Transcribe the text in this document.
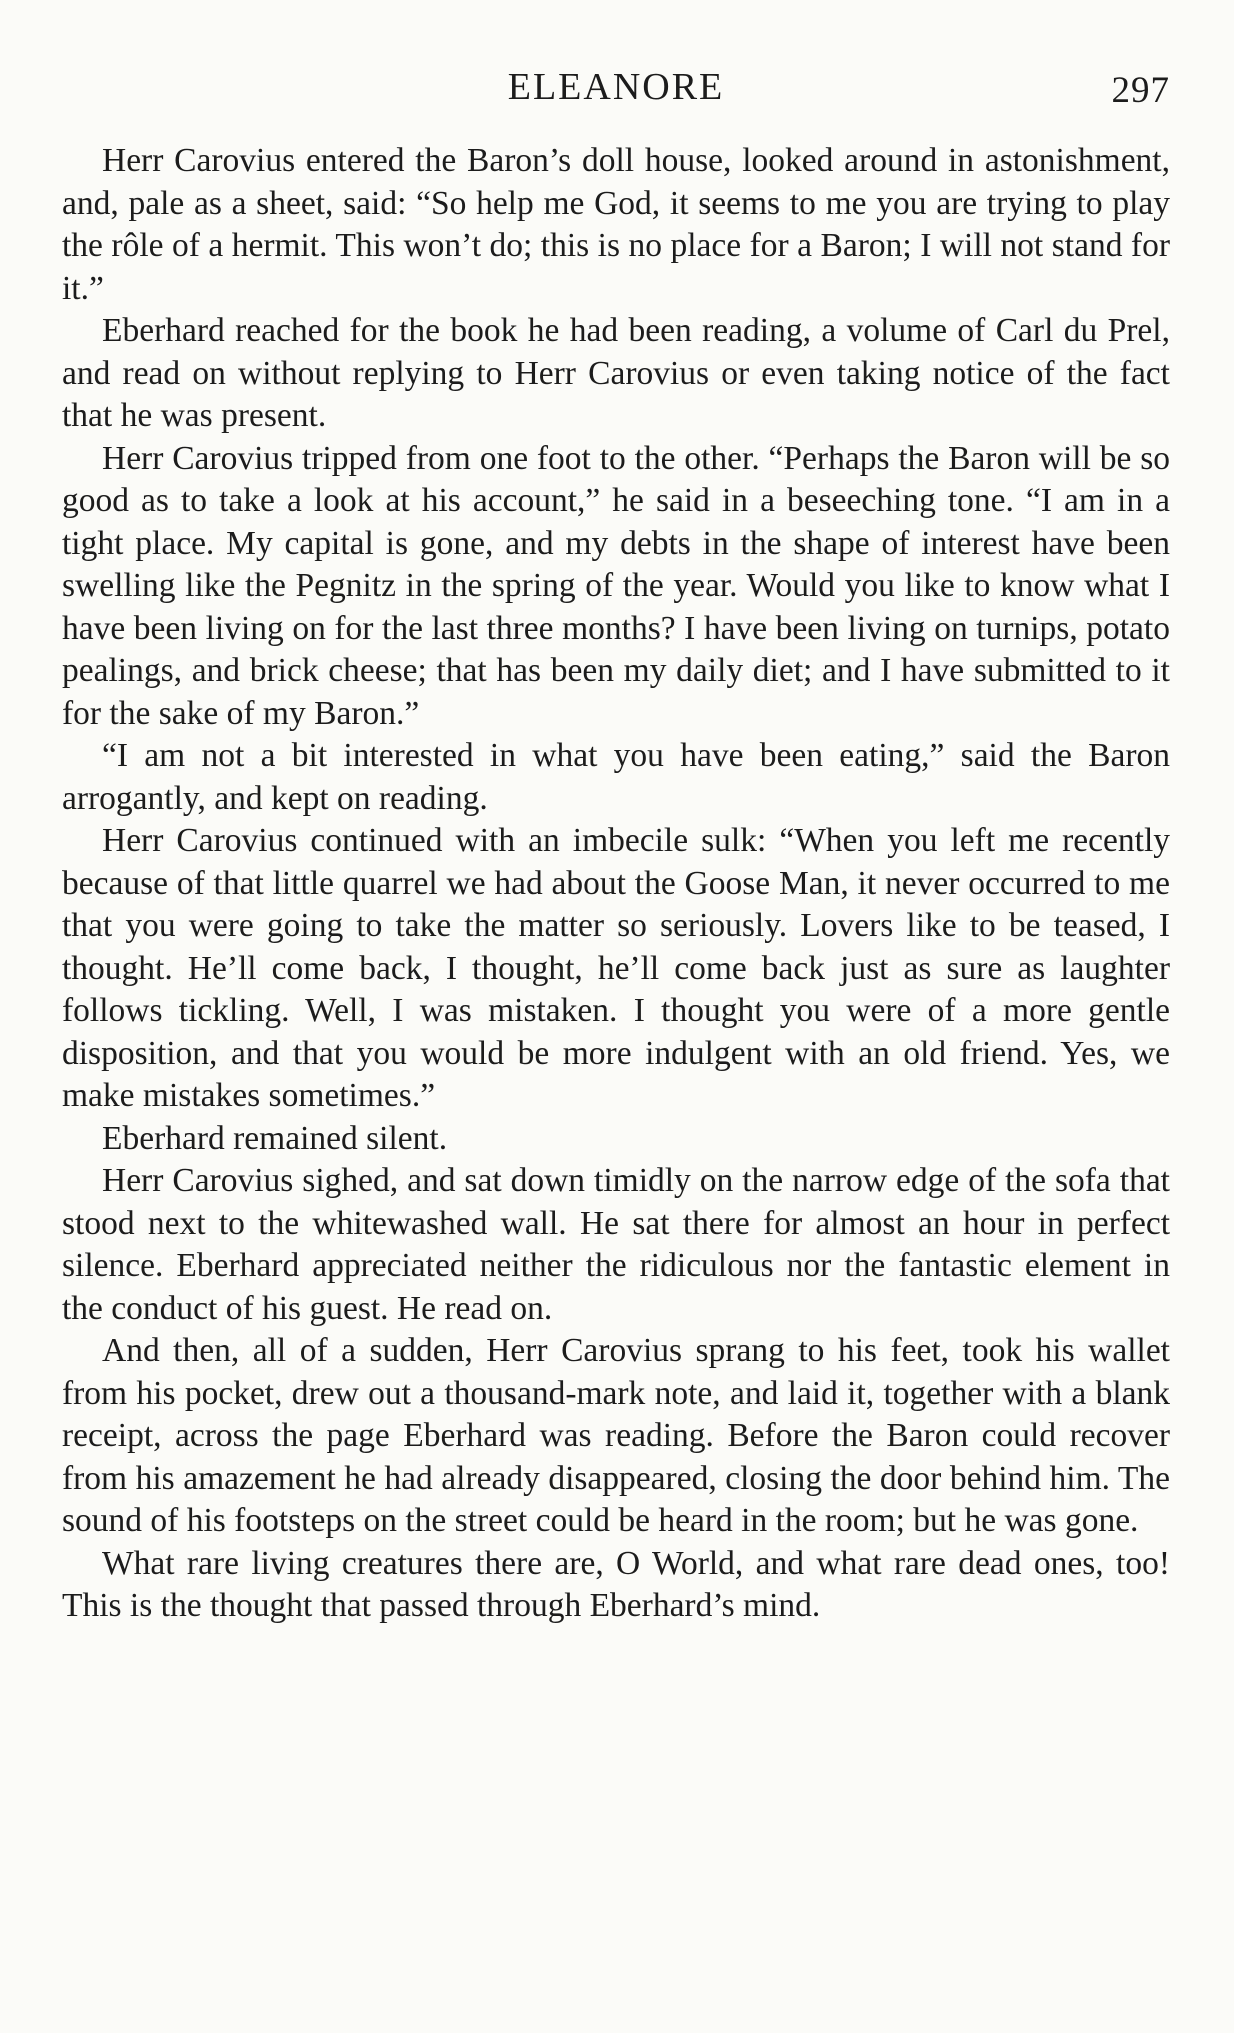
ELEANORE	297

Herr Carovius entered the Baron’s doll house, looked around in astonishment, and, pale as a sheet, said: “So help me God, it seems to me you are trying to play the rôle of a hermit. This won’t do; this is no place for a Baron; I will not stand for it.”

Eberhard reached for the book he had been reading, a volume of Carl du Prel, and read on without replying to Herr Carovius or even taking notice of the fact that he was present.

Herr Carovius tripped from one foot to the other. “Perhaps the Baron will be so good as to take a look at his account,” he said in a beseeching tone. “I am in a tight place. My capital is gone, and my debts in the shape of interest have been swelling like the Pegnitz in the spring of the year. Would you like to know what I have been living on for the last three months? I have been living on turnips, potato pealings, and brick cheese; that has been my daily diet; and I have submitted to it for the sake of my Baron.”

“I am not a bit interested in what you have been eating,” said the Baron arrogantly, and kept on reading.

Herr Carovius continued with an imbecile sulk: “When you left me recently because of that little quarrel we had about the Goose Man, it never occurred to me that you were going to take the matter so seriously. Lovers like to be teased, I thought. He’ll come back, I thought, he’ll come back just as sure as laughter follows tickling. Well, I was mistaken. I thought you were of a more gentle disposition, and that you would be more indulgent with an old friend. Yes, we make mistakes sometimes.”

Eberhard remained silent.

Herr Carovius sighed, and sat down timidly on the narrow edge of the sofa that stood next to the whitewashed wall. He sat there for almost an hour in perfect silence. Eberhard appreciated neither the ridiculous nor the fantastic element in the conduct of his guest. He read on.

And then, all of a sudden, Herr Carovius sprang to his feet, took his wallet from his pocket, drew out a thousand-mark note, and laid it, together with a blank receipt, across the page Eberhard was reading. Before the Baron could recover from his amazement he had already disappeared, closing the door behind him. The sound of his footsteps on the street could be heard in the room; but he was gone.

What rare living creatures there are, O World, and what rare dead ones, too! This is the thought that passed through Eberhard’s mind.
